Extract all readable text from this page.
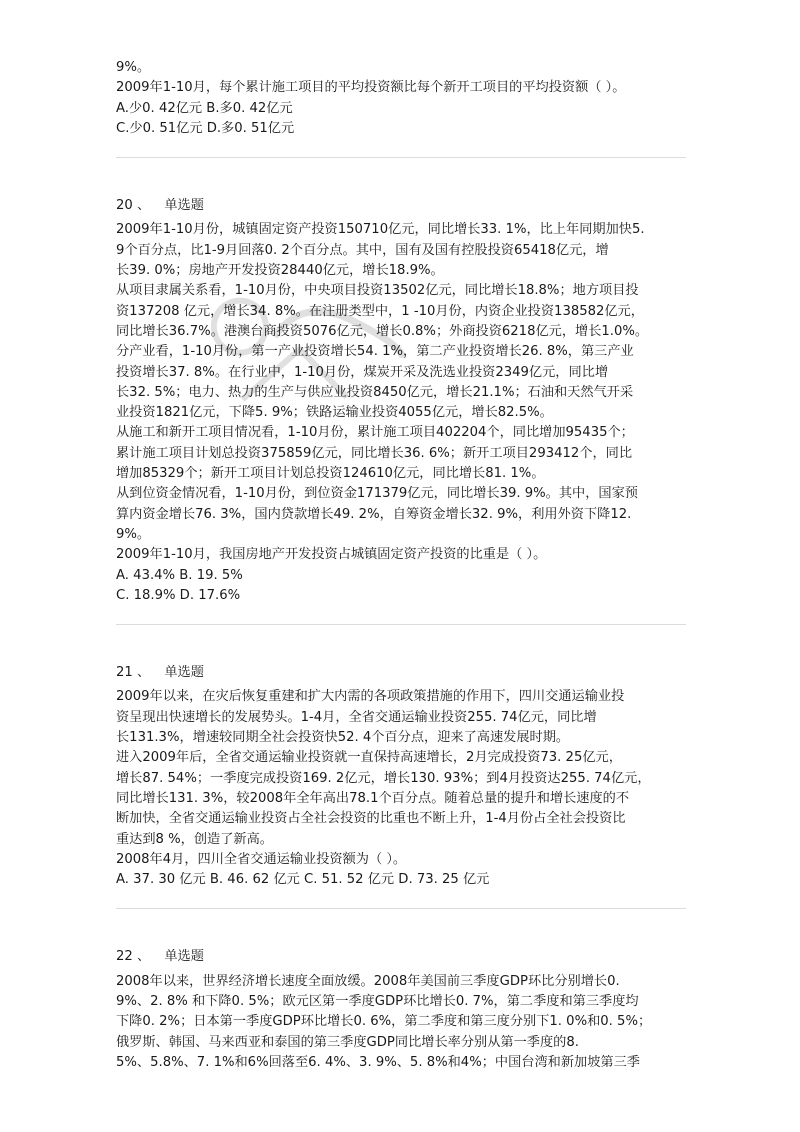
9%。

2009年1-10月，每个累计施工项目的平均投资额比每个新开工项目的平均投资额（ ）。

A.少0. 42亿元 B.多0. 42亿元

C.少0. 51亿元 D.多0. 51亿元

20 、 单选题

2009年1-10月份，城镇固定资产投资150710亿元，同比增长33. 1%，比上年同期加快5.

9个百分点，比1-9月回落0. 2个百分点。其中，国有及国有控股投资65418亿元，增

长39. 0%；房地产开发投资28440亿元，增长18.9%。

从项目隶属关系看，1-10月份，中央项目投资13502亿元，同比增长18.8%；地方项目投

资137208 亿元，增长34. 8%。在注册类型中，1 -10月份，内资企业投资138582亿元，

同比增长36.7%。港澳台商投资5076亿元，增长0.8%；外商投资6218亿元，增长1.0%。

分产业看，1-10月份，第一产业投资增长54. 1%，第二产业投资增长26. 8%，第三产业

投资增长37. 8%。在行业中，1-10月份，煤炭开采及洗选业投资2349亿元，同比增

长32. 5%；电力、热力的生产与供应业投资8450亿元，增长21.1%；石油和天然气开采

业投资1821亿元，下降5. 9%；铁路运输业投资4055亿元，增长82.5%。

从施工和新开工项目情况看，1-10月份，累计施工项目402204个，同比增加95435个；

累计施工项目计划总投资375859亿元，同比增长36. 6%；新开工项目293412个，同比

增加85329个；新开工项目计划总投资124610亿元，同比增长81. 1%。

从到位资金情况看，1-10月份，到位资金171379亿元，同比增长39. 9%。其中，国家预

算内资金增长76. 3%，国内贷款增长49. 2%，自筹资金增长32. 9%，利用外资下降12.

9%。

2009年1-10月，我国房地产开发投资占城镇固定资产投资的比重是（ ）。

A. 43.4% B. 19. 5%

C. 18.9% D. 17.6%

21 、 单选题

2009年以来，在灾后恢复重建和扩大内需的各项政策措施的作用下，四川交通运输业投

资呈现出快速增长的发展势头。1-4月，全省交通运输业投资255. 74亿元，同比增

长131.3%，增速较同期全社会投资快52. 4个百分点，迎来了高速发展时期。

进入2009年后，全省交通运输业投资就一直保持高速增长，2月完成投资73. 25亿元，

增长87. 54%；一季度完成投资169. 2亿元，增长130. 93%；到4月投资达255. 74亿元，

同比增长131. 3%，较2008年全年高出78.1个百分点。随着总量的提升和增长速度的不

断加快，全省交通运输业投资占全社会投资的比重也不断上升，1-4月份占全社会投资比

重达到8 %，创造了新高。

2008年4月，四川全省交通运输业投资额为（ ）。

A. 37. 30 亿元 B. 46. 62 亿元 C. 51. 52 亿元 D. 73. 25 亿元

22 、 单选题

2008年以来，世界经济增长速度全面放缓。2008年美国前三季度GDP环比分别增长0.

9%、2. 8% 和下降0. 5%；欧元区第一季度GDP环比增长0. 7%，第二季度和第三季度均

下降0. 2%；日本第一季度GDP环比增长0. 6%，第二季度和第三度分别下1. 0%和0. 5%；

俄罗斯、韩国、马来西亚和泰国的第三季度GDP同比增长率分别从第一季度的8.

5%、5.8%、7. 1%和6%回落至6. 4%、3. 9%、5. 8%和4%；中国台湾和新加坡第三季
